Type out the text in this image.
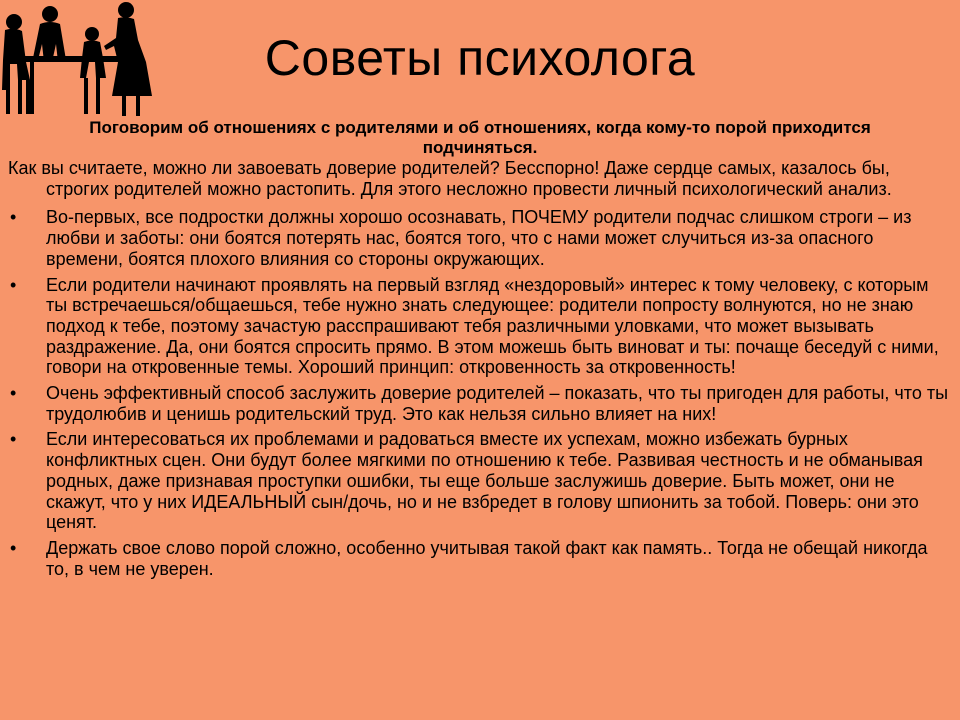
Советы психолога

Поговорим об отношениях с родителями и об отношениях, когда кому-то порой приходится подчиняться.

Как вы считаете, можно ли завоевать доверие родителей? Бесспорно! Даже сердце самых, казалось бы, строгих родителей можно растопить. Для этого несложно провести личный психологический анализ.

• Во-первых, все подростки должны хорошо осознавать, ПОЧЕМУ родители подчас слишком строги – из любви и заботы: они боятся потерять нас, боятся того, что с нами может случиться из-за опасного времени, боятся плохого влияния со стороны окружающих.
• Если родители начинают проявлять на первый взгляд «нездоровый» интерес к тому человеку, с которым ты встречаешься/общаешься, тебе нужно знать следующее: родители попросту волнуются, но не знаю подход к тебе, поэтому зачастую расспрашивают тебя различными уловками, что может вызывать раздражение. Да, они боятся спросить прямо. В этом можешь быть виноват и ты: почаще беседуй с ними, говори на откровенные темы. Хороший принцип: откровенность за откровенность!
• Очень эффективный способ заслужить доверие родителей – показать, что ты пригоден для работы, что ты трудолюбив и ценишь родительский труд. Это как нельзя сильно влияет на них!
• Если интересоваться их проблемами и радоваться вместе их успехам, можно избежать бурных конфликтных сцен. Они будут более мягкими по отношению к тебе. Развивая честность и не обманывая родных, даже признавая проступки ошибки, ты еще больше заслужишь доверие. Быть может, они не скажут, что у них ИДЕАЛЬНЫЙ сын/дочь, но и не взбредет в голову шпионить за тобой. Поверь: они это ценят.
• Держать свое слово порой сложно, особенно учитывая такой факт как память.. Тогда не обещай никогда то, в чем не уверен.
